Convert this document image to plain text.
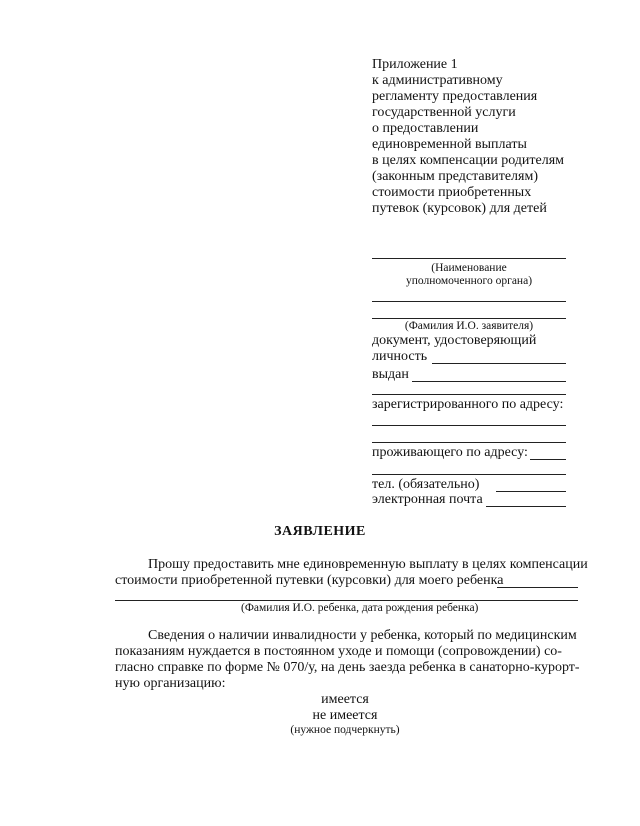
Приложение 1
к административному
регламенту предоставления
государственной услуги
о предоставлении
единовременной выплаты
в целях компенсации родителям
(законным представителям)
стоимости приобретенных
путевок (курсовок) для детей
(Наименование
уполномоченного органа)
(Фамилия И.О. заявителя)
документ, удостоверяющий
личность
выдан
зарегистрированного по адресу:
проживающего по адресу:
тел. (обязательно)
электронная почта
ЗАЯВЛЕНИЕ
Прошу предоставить мне единовременную выплату в целях компенсации
стоимости приобретенной путевки (курсовки) для моего ребенка
(Фамилия И.О. ребенка, дата рождения ребенка)
Сведения о наличии инвалидности у ребенка, который по медицинским
показаниям нуждается в постоянном уходе и помощи (сопровождении) со-
гласно справке по форме № 070/у, на день заезда ребенка в санаторно-курорт-
ную организацию:
имеется
не имеется
(нужное подчеркнуть)
